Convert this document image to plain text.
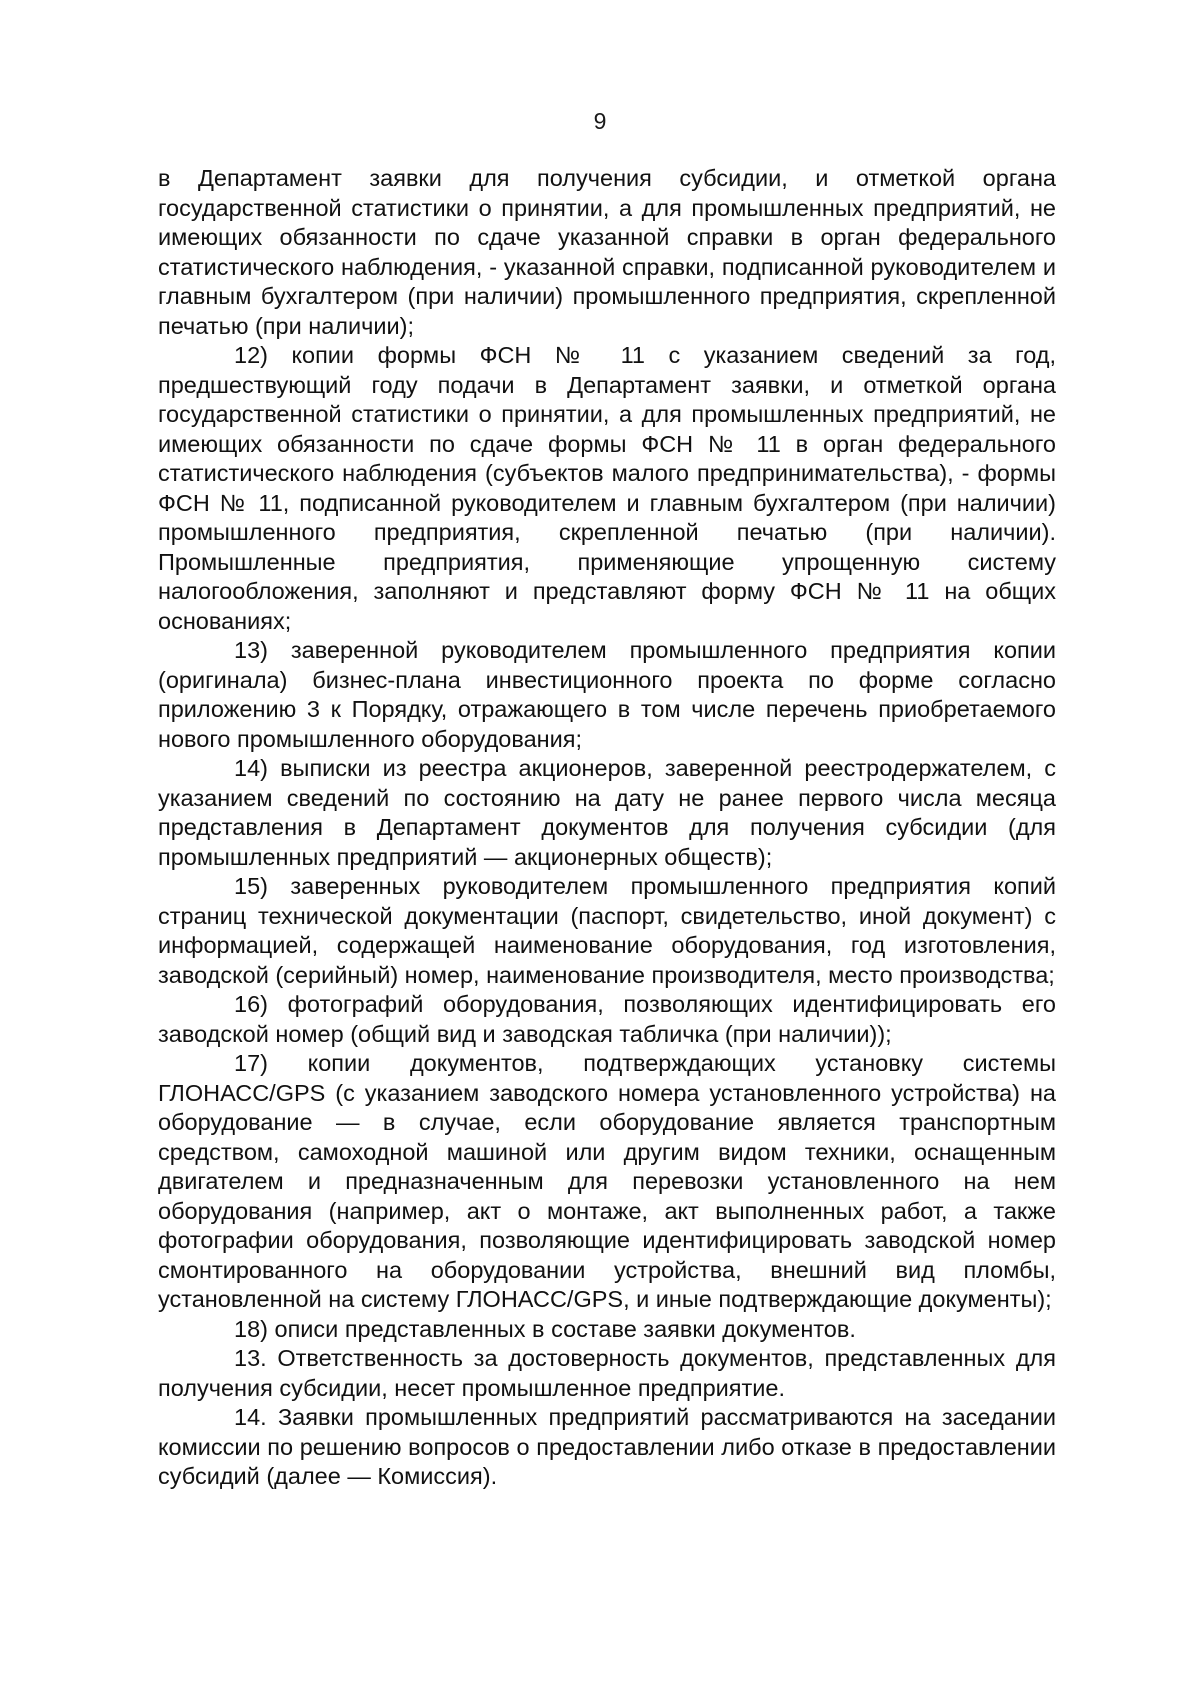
9

в Департамент заявки для получения субсидии, и отметкой органа государственной статистики о принятии, а для промышленных предприятий, не имеющих обязанности по сдаче указанной справки в орган федерального статистического наблюдения, - указанной справки, подписанной руководителем и главным бухгалтером (при наличии) промышленного предприятия, скрепленной печатью (при наличии);

12) копии формы ФСН № 11 с указанием сведений за год, предшествующий году подачи в Департамент заявки, и отметкой органа государственной статистики о принятии, а для промышленных предприятий, не имеющих обязанности по сдаче формы ФСН № 11 в орган федерального статистического наблюдения (субъектов малого предпринимательства), - формы ФСН № 11, подписанной руководителем и главным бухгалтером (при наличии) промышленного предприятия, скрепленной печатью (при наличии). Промышленные предприятия, применяющие упрощенную систему налогообложения, заполняют и представляют форму ФСН № 11 на общих основаниях;

13) заверенной руководителем промышленного предприятия копии (оригинала) бизнес-плана инвестиционного проекта по форме согласно приложению 3 к Порядку, отражающего в том числе перечень приобретаемого нового промышленного оборудования;

14) выписки из реестра акционеров, заверенной реестродержателем, с указанием сведений по состоянию на дату не ранее первого числа месяца представления в Департамент документов для получения субсидии (для промышленных предприятий — акционерных обществ);

15) заверенных руководителем промышленного предприятия копий страниц технической документации (паспорт, свидетельство, иной документ) с информацией, содержащей наименование оборудования, год изготовления, заводской (серийный) номер, наименование производителя, место производства;

16) фотографий оборудования, позволяющих идентифицировать его заводской номер (общий вид и заводская табличка (при наличии));

17) копии документов, подтверждающих установку системы ГЛОНАСС/GPS (с указанием заводского номера установленного устройства) на оборудование — в случае, если оборудование является транспортным средством, самоходной машиной или другим видом техники, оснащенным двигателем и предназначенным для перевозки установленного на нем оборудования (например, акт о монтаже, акт выполненных работ, а также фотографии оборудования, позволяющие идентифицировать заводской номер смонтированного на оборудовании устройства, внешний вид пломбы, установленной на систему ГЛОНАСС/GPS, и иные подтверждающие документы);

18) описи представленных в составе заявки документов.

13. Ответственность за достоверность документов, представленных для получения субсидии, несет промышленное предприятие.

14. Заявки промышленных предприятий рассматриваются на заседании комиссии по решению вопросов о предоставлении либо отказе в предоставлении субсидий (далее — Комиссия).
